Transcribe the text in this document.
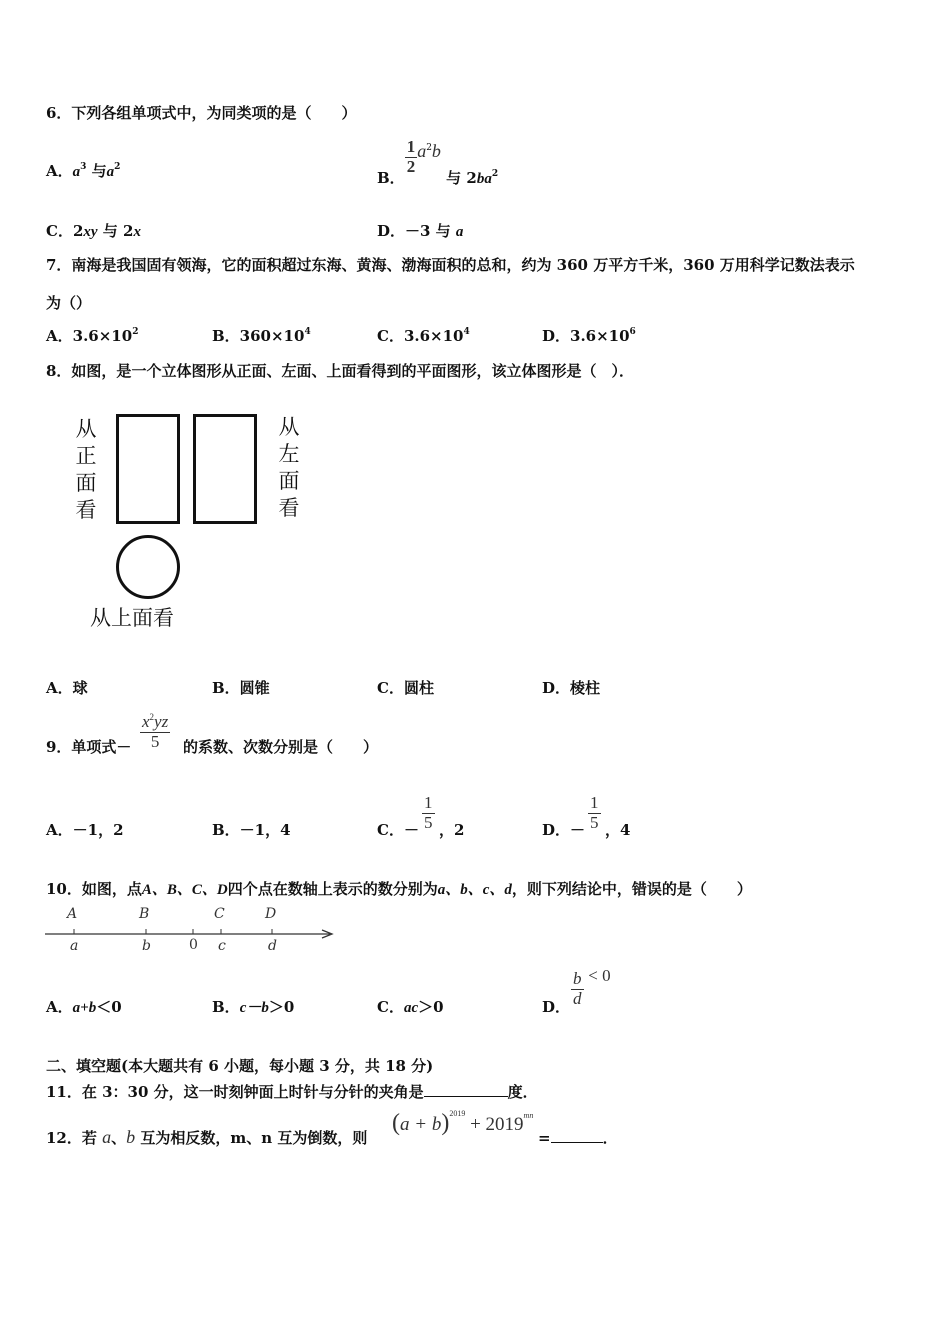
6．下列各组单项式中，为同类项的是（　　）
A．$a^3$ 与$a^2$
B．
$\frac{1}{2} a^2b$ 与 $2ba^2$
C．2xy 与 2x	D．－3 与 a
7．南海是我国固有领海，它的面积超过东海、黄海、渤海面积的总和，约为 360 万平方千米，360 万用科学记数法表示
为（）
A．$3.6\times 10^2$	B．$360\times 10^4$	C．$3.6\times 10^4$	D．$3.6\times 10^6$
8．如图，是一个立体图形从正面、左面、上面看得到的平面图形，该立体图形是（　）．
从
正
面
看
从
左
面
看
从上面看
A．球	B．圆锥	C．圆柱	D．棱柱
9．单项式－ $\frac{x^2yz}{5}$ 的系数、次数分别是（　　）
A．－1，2	B．－1，4	C．－ $\frac{1}{5}$ ，2	D．－ $\frac{1}{5}$ ，4
10．如图，点A、B、C、D四个点在数轴上表示的数分别为a、b、c、d，则下列结论中，错误的是（　　）
A	B	C	D
a	b	0 c	d
A．a+b＜0	B．c－b＞0	C．ac＞0	D． $\frac{b}{d} < 0$
二、填空题(本大题共有 6 小题，每小题 3 分，共 18 分)
11．在 3：30 分，这一时刻钟面上时针与分针的夹角是	度．
12．若 a、b 互为相反数，m、n 互为倒数，则
$(a + b)^{2019} + 2019^{mn}$
=	．
